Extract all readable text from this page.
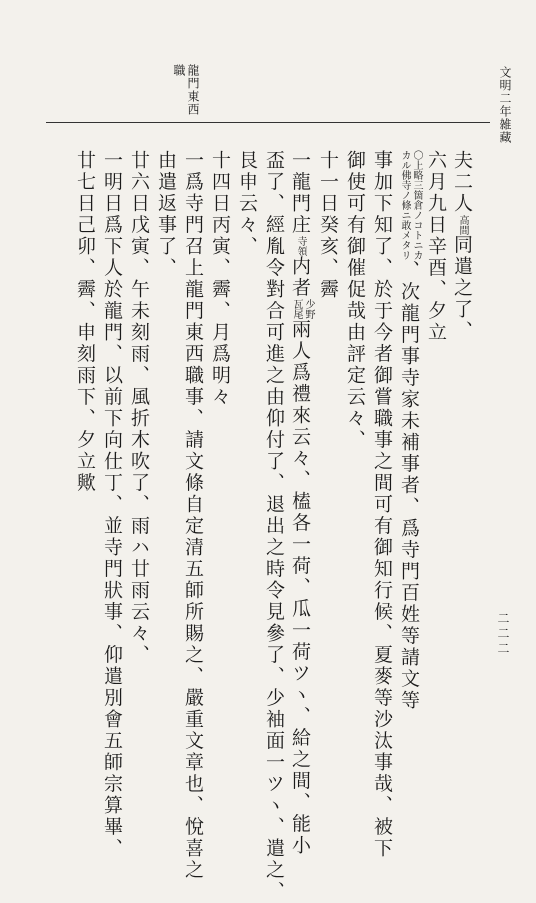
文明二年雑藏
龍門東西
職
二二二
夫二人高間同遣之了、
六月九日辛酉、夕立
〇上略三箇倉ノコトニカ
カル佛寺ノ條ニ敢メタリ
、次龍門事寺家未補事者、爲寺門百姓等請文等
事加下知了、於于今者御嘗職事之間可有御知行候、夏麥等沙汰事哉、被下
御使可有御催促哉由評定云々、
十一日癸亥、霽
一龍門庄寺領内者
少野
瓦尾
兩人爲禮來云々、榼各一荷、瓜一荷ツヽ、給之間、能小
盃了、經胤令對合可進之由仰付了、退出之時令見參了、少袖面一ツヽ、遣之、
艮申云々、
十四日丙寅、霽、月爲明々
一爲寺門召上龍門東西職事、請文條自定清五師所賜之、嚴重文章也、悅喜之
由遣返事了、
廿六日戊寅、午未刻雨、風折木吹了、雨ハ廿雨云々、
一明日爲下人於龍門、以前下向仕丁、並寺門狀事、仰遣別會五師宗算畢、
廿七日己卯、霽、申刻雨下、夕立歟
